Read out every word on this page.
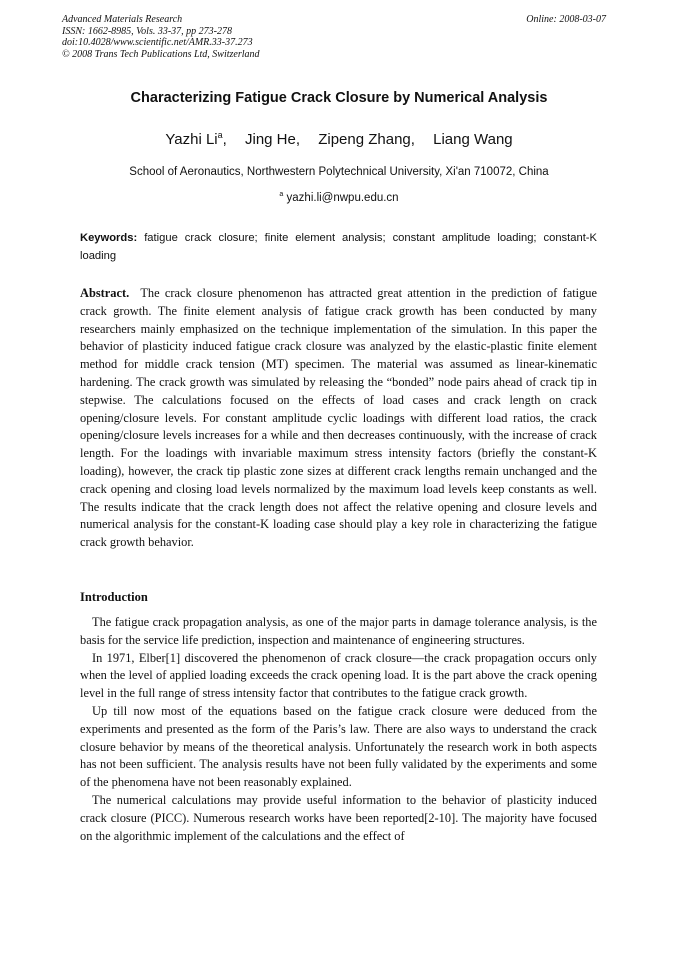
Advanced Materials Research
ISSN: 1662-8985, Vols. 33-37, pp 273-278
doi:10.4028/www.scientific.net/AMR.33-37.273
© 2008 Trans Tech Publications Ltd, Switzerland
Online: 2008-03-07
Characterizing Fatigue Crack Closure by Numerical Analysis
Yazhi Li$^a$, Jing He, Zipeng Zhang, Liang Wang
School of Aeronautics, Northwestern Polytechnical University, Xi'an 710072, China
$^a$ yazhi.li@nwpu.edu.cn
Keywords: fatigue crack closure; finite element analysis; constant amplitude loading; constant-K loading
Abstract. The crack closure phenomenon has attracted great attention in the prediction of fatigue crack growth. The finite element analysis of fatigue crack growth has been conducted by many researchers mainly emphasized on the technique implementation of the simulation. In this paper the behavior of plasticity induced fatigue crack closure was analyzed by the elastic-plastic finite element method for middle crack tension (MT) specimen. The material was assumed as linear-kinematic hardening. The crack growth was simulated by releasing the “bonded” node pairs ahead of crack tip in stepwise. The calculations focused on the effects of load cases and crack length on crack opening/closure levels. For constant amplitude cyclic loadings with different load ratios, the crack opening/closure levels increases for a while and then decreases continuously, with the increase of crack length. For the loadings with invariable maximum stress intensity factors (briefly the constant-K loading), however, the crack tip plastic zone sizes at different crack lengths remain unchanged and the crack opening and closing load levels normalized by the maximum load levels keep constants as well. The results indicate that the crack length does not affect the relative opening and closure levels and numerical analysis for the constant-K loading case should play a key role in characterizing the fatigue crack growth behavior.
Introduction

The fatigue crack propagation analysis, as one of the major parts in damage tolerance analysis, is the basis for the service life prediction, inspection and maintenance of engineering structures.

In 1971, Elber[1] discovered the phenomenon of crack closure—the crack propagation occurs only when the level of applied loading exceeds the crack opening load. It is the part above the crack opening level in the full range of stress intensity factor that contributes to the fatigue crack growth.

Up till now most of the equations based on the fatigue crack closure were deduced from the experiments and presented as the form of the Paris’s law. There are also ways to understand the crack closure behavior by means of the theoretical analysis. Unfortunately the research work in both aspects has not been sufficient. The analysis results have not been fully validated by the experiments and some of the phenomena have not been reasonably explained.

The numerical calculations may provide useful information to the behavior of plasticity induced crack closure (PICC). Numerous research works have been reported[2-10]. The majority have focused on the algorithmic implement of the calculations and the effect of
